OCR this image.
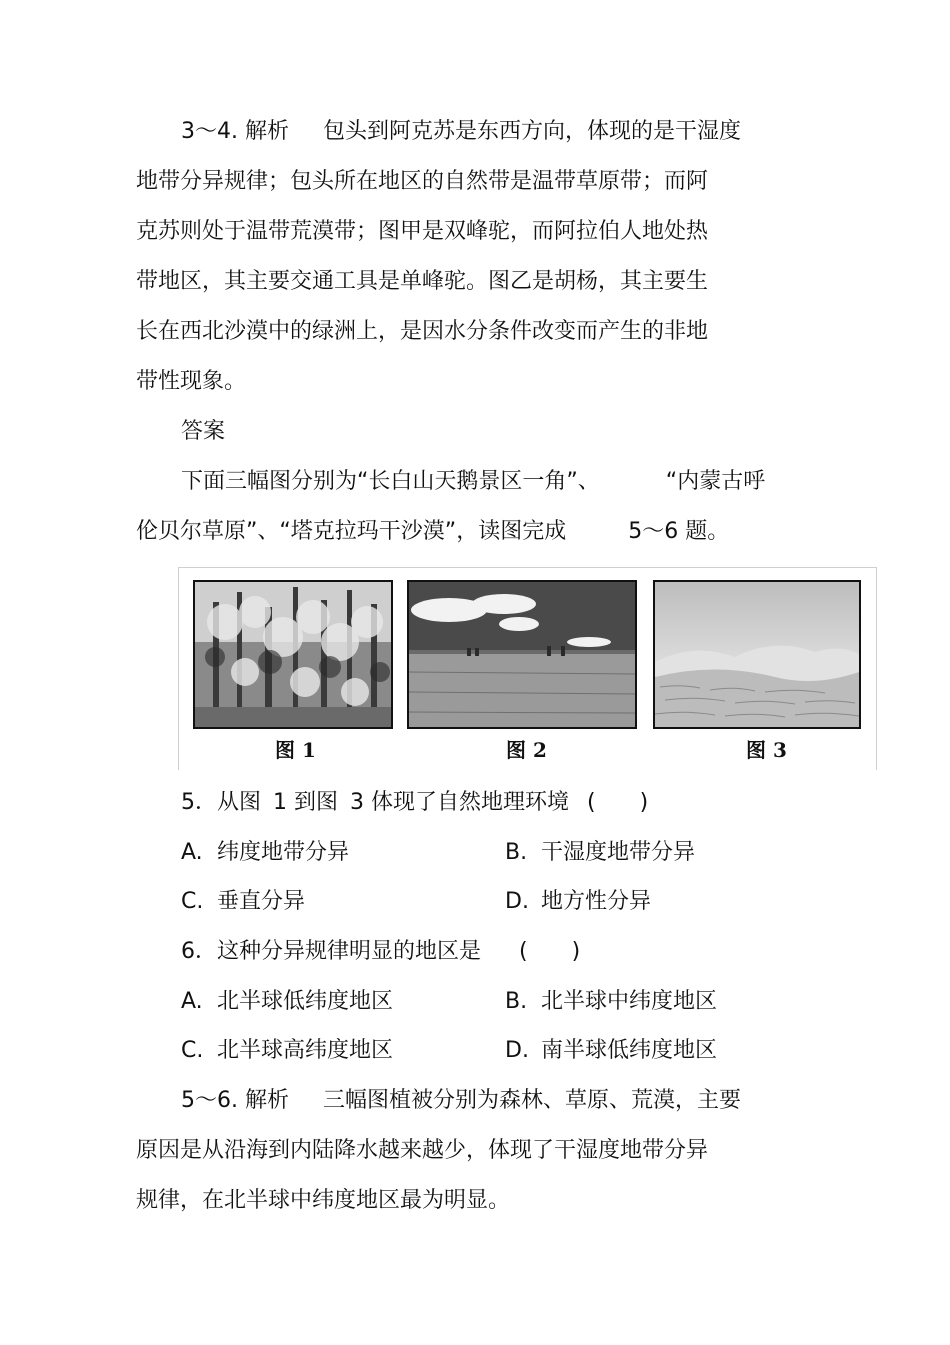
3～4. 解析 包头到阿克苏是东西方向，体现的是干湿度
地带分异规律；包头所在地区的自然带是温带草原带；而阿
克苏则处于温带荒漠带；图甲是双峰驼，而阿拉伯人地处热
带地区，其主要交通工具是单峰驼。图乙是胡杨，其主要生
长在西北沙漠中的绿洲上，是因水分条件改变而产生的非地
带性现象。
答案
下面三幅图分别为“长白山天鹅景区一角”、	“内蒙古呼
伦贝尔草原”、“塔克拉玛干沙漠”，读图完成	5～6 题。
图 1	图 2	图 3
5．从图 1 到图 3 体现了自然地理环境 (　　)
A. 纬度地带分异	B. 干湿度地带分异
C. 垂直分异	D. 地方性分异
6．这种分异规律明显的地区是 (　　)
A. 北半球低纬度地区	B. 北半球中纬度地区
C. 北半球高纬度地区	D. 南半球低纬度地区
5～6. 解析 三幅图植被分别为森林、草原、荒漠，主要
原因是从沿海到内陆降水越来越少，体现了干湿度地带分异
规律，在北半球中纬度地区最为明显。
